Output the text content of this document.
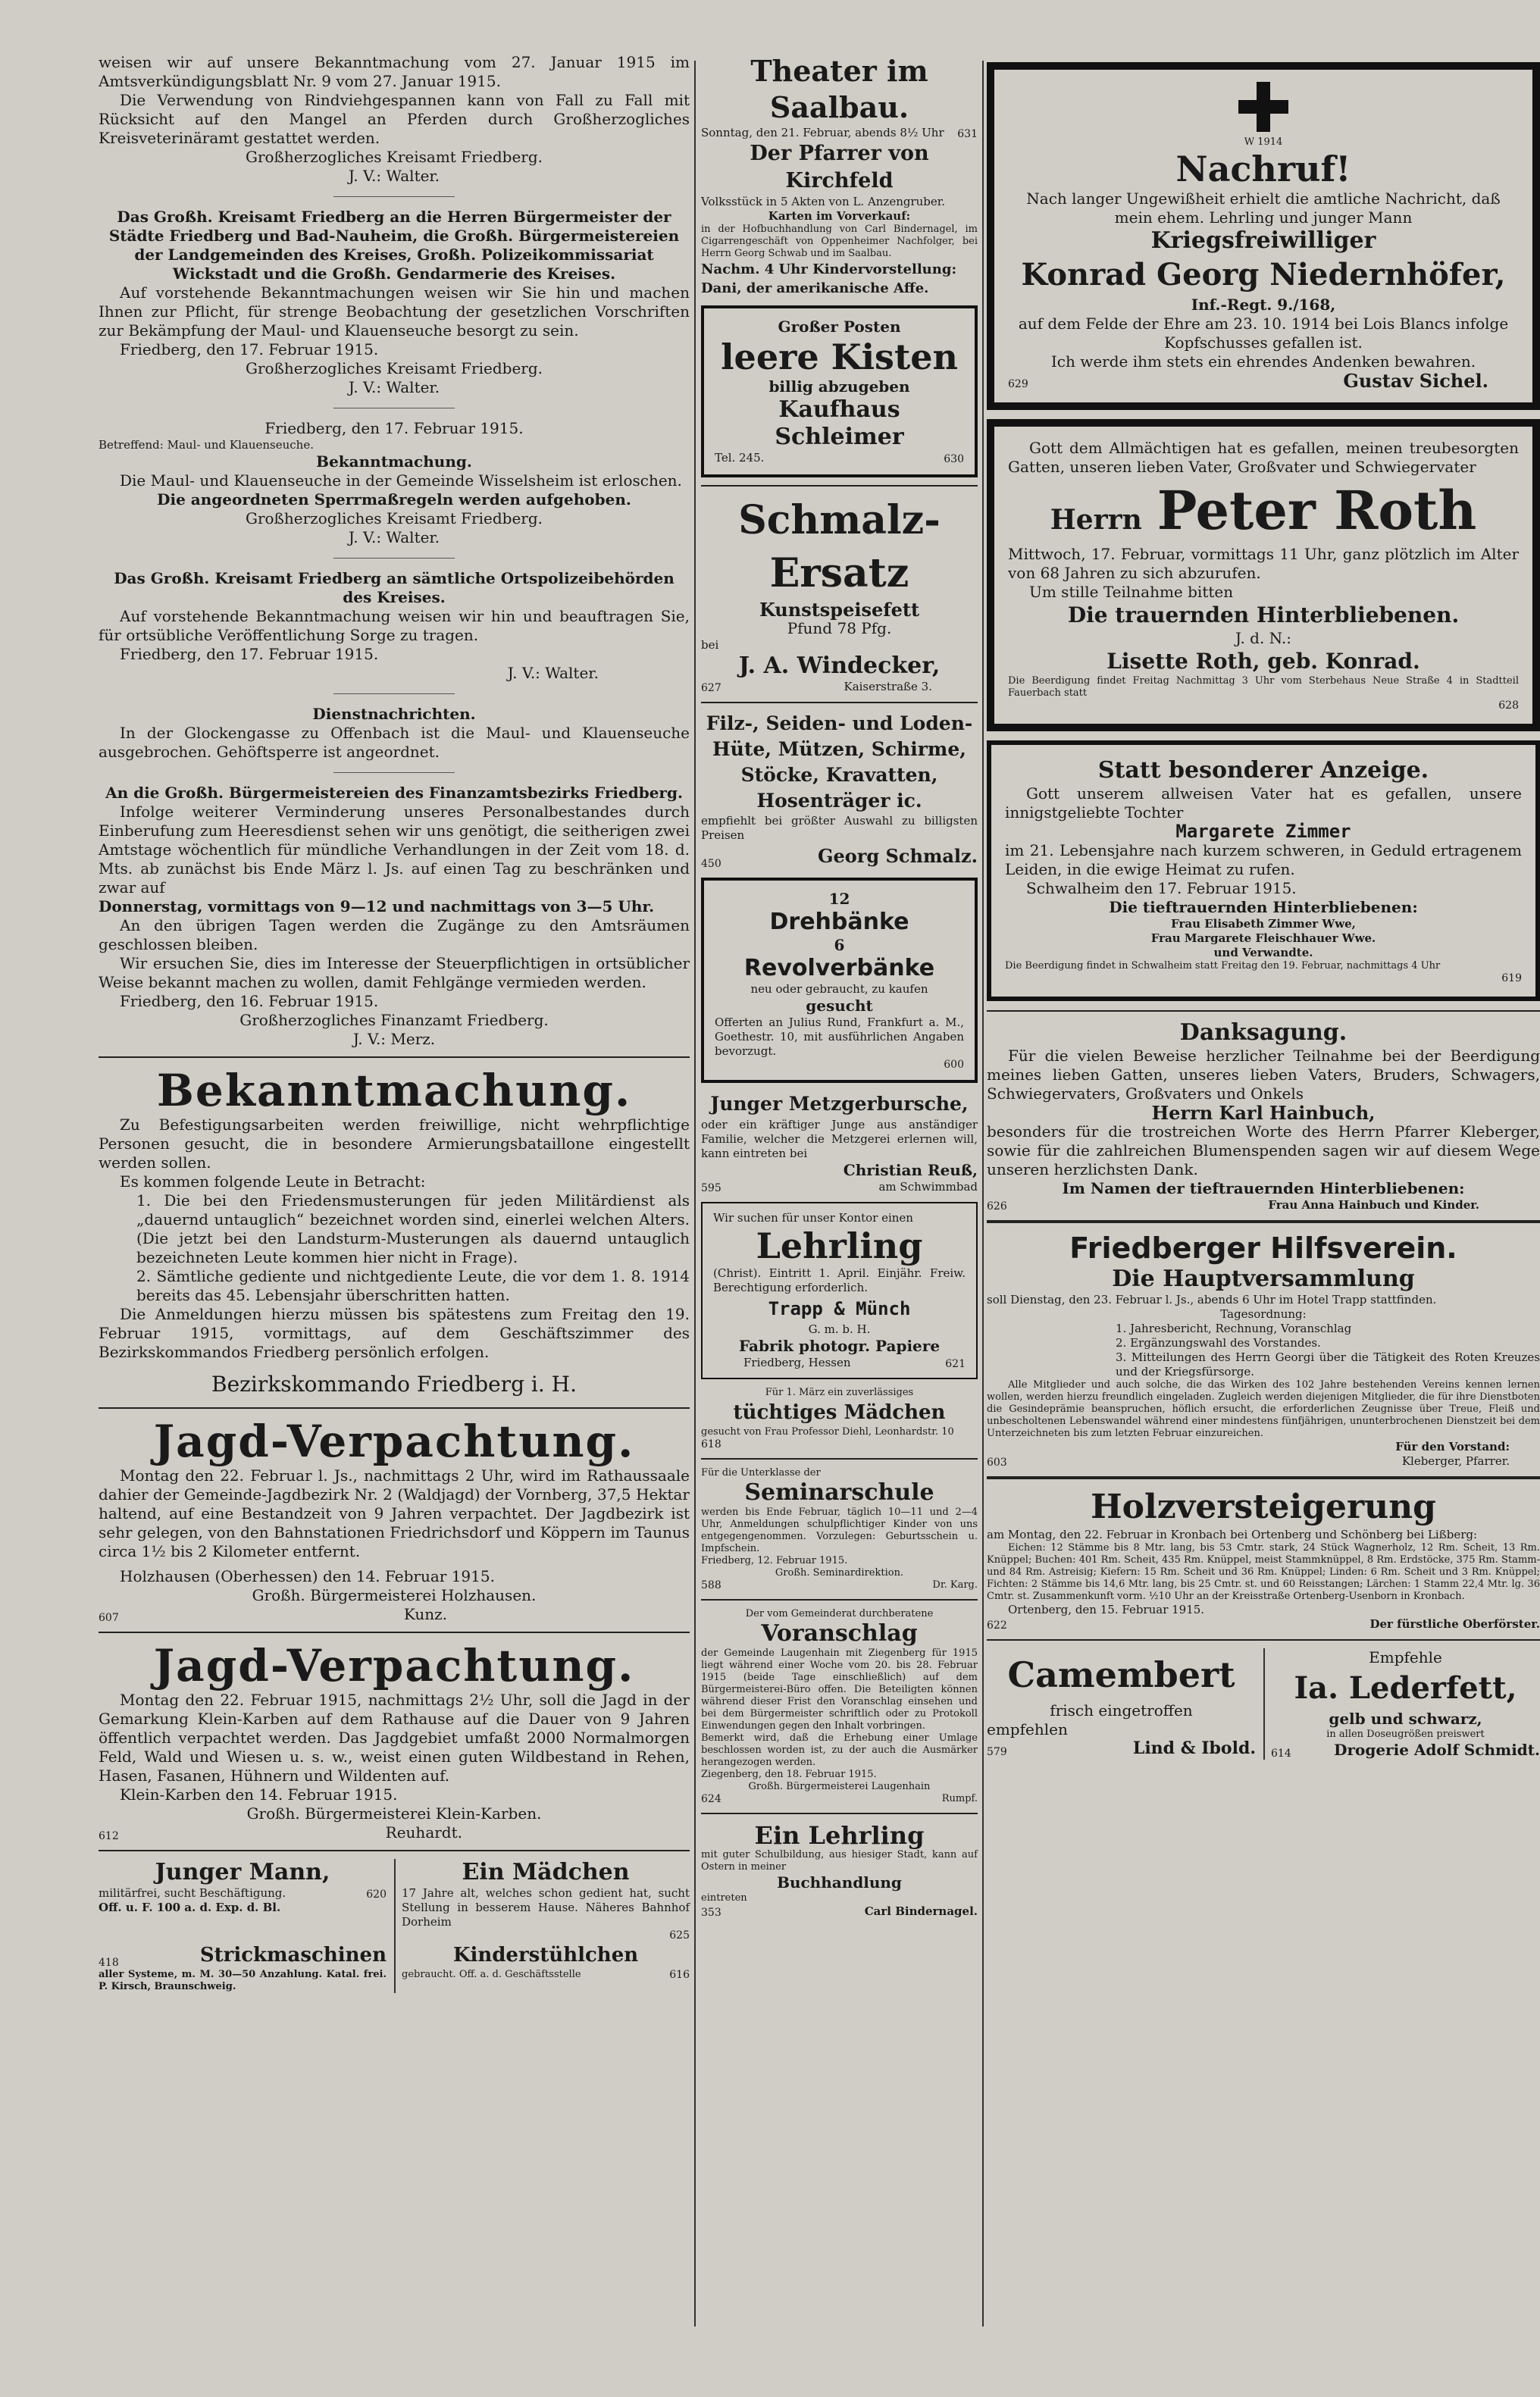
weisen wir auf unsere Bekanntmachung vom 27. Januar 1915 im Amtsverkündigungsblatt Nr. 9 vom 27. Januar 1915.

Die Verwendung von Rindviehgespannen kann von Fall zu Fall mit Rücksicht auf den Mangel an Pferden durch Großherzogliches Kreisveterinäramt gestattet werden.

Großherzogliches Kreisamt Friedberg.

J. V.: Walter.

Das Großh. Kreisamt Friedberg an die Herren Bürgermeister der Städte Friedberg und Bad-Nauheim, die Großh. Bürgermeistereien der Landgemeinden des Kreises, Großh. Polizeikommissariat Wickstadt und die Großh. Gendarmerie des Kreises.

Auf vorstehende Bekanntmachungen weisen wir Sie hin und machen Ihnen zur Pflicht, für strenge Beobachtung der gesetzlichen Vorschriften zur Bekämpfung der Maul- und Klauenseuche besorgt zu sein.

Friedberg, den 17. Februar 1915.

Großherzogliches Kreisamt Friedberg.

J. V.: Walter.

Friedberg, den 17. Februar 1915.

Betreffend: Maul- und Klauenseuche.

Bekanntmachung.

Die Maul- und Klauenseuche in der Gemeinde Wisselsheim ist erloschen.

Die angeordneten Sperrmaßregeln werden aufgehoben.

Großherzogliches Kreisamt Friedberg.

J. V.: Walter.

Das Großh. Kreisamt Friedberg an sämtliche Ortspolizeibehörden des Kreises.

Auf vorstehende Bekanntmachung weisen wir hin und beauftragen Sie, für ortsübliche Veröffentlichung Sorge zu tragen.

Friedberg, den 17. Februar 1915.

J. V.: Walter.

Dienstnachrichten.

In der Glockengasse zu Offenbach ist die Maul- und Klauenseuche ausgebrochen. Gehöftsperre ist angeordnet.

An die Großh. Bürgermeistereien des Finanzamtsbezirks Friedberg.

Infolge weiterer Verminderung unseres Personalbestandes durch Einberufung zum Heeresdienst sehen wir uns genötigt, die seitherigen zwei Amtstage wöchentlich für mündliche Verhandlungen in der Zeit vom 18. d. Mts. ab zunächst bis Ende März l. Js. auf einen Tag zu beschränken und zwar auf

Donnerstag, vormittags von 9—12 und nachmittags von 3—5 Uhr.

An den übrigen Tagen werden die Zugänge zu den Amtsräumen geschlossen bleiben.

Wir ersuchen Sie, dies im Interesse der Steuerpflichtigen in ortsüblicher Weise bekannt machen zu wollen, damit Fehlgänge vermieden werden.

Friedberg, den 16. Februar 1915.

Großherzogliches Finanzamt Friedberg.

J. V.: Merz.

Bekanntmachung.

Zu Befestigungsarbeiten werden freiwillige, nicht wehrpflichtige Personen gesucht, die in besondere Armierungsbataillone eingestellt werden sollen.

Es kommen folgende Leute in Betracht:

1. Die bei den Friedensmusterungen für jeden Militärdienst als „dauernd untauglich“ bezeichnet worden sind, einerlei welchen Alters. (Die jetzt bei den Landsturm-Musterungen als dauernd untauglich bezeichneten Leute kommen hier nicht in Frage).

2. Sämtliche gediente und nichtgediente Leute, die vor dem 1. 8. 1914 bereits das 45. Lebensjahr überschritten hatten.

Die Anmeldungen hierzu müssen bis spätestens zum Freitag den 19. Februar 1915, vormittags, auf dem Geschäftszimmer des Bezirkskommandos Friedberg persönlich erfolgen.

Bezirkskommando Friedberg i. H.

Jagd-Verpachtung.

Montag den 22. Februar l. Js., nachmittags 2 Uhr, wird im Rathaussaale dahier der Gemeinde-Jagdbezirk Nr. 2 (Waldjagd) der Vornberg, 37,5 Hektar haltend, auf eine Bestandzeit von 9 Jahren verpachtet. Der Jagdbezirk ist sehr gelegen, von den Bahnstationen Friedrichsdorf und Köppern im Taunus circa 1½ bis 2 Kilometer entfernt.

Holzhausen (Oberhessen) den 14. Februar 1915.

Großh. Bürgermeisterei Holzhausen.

607	Kunz.
Jagd-Verpachtung.

Montag den 22. Februar 1915, nachmittags 2½ Uhr, soll die Jagd in der Gemarkung Klein-Karben auf dem Rathause auf die Dauer von 9 Jahren öffentlich verpachtet werden. Das Jagdgebiet umfaßt 2000 Normalmorgen Feld, Wald und Wiesen u. s. w., weist einen guten Wildbestand in Rehen, Hasen, Fasanen, Hühnern und Wildenten auf.

Klein-Karben den 14. Februar 1915.

Großh. Bürgermeisterei Klein-Karben.

612	Reuhardt.
Junger Mann,
militärfrei, sucht Beschäftigung.	620

Off. u. F. 100 a. d. Exp. d. Bl.

Ein Mädchen

17 Jahre alt, welches schon gedient hat, sucht Stellung in besserem Hause. Näheres Bahnhof Dorheim

625

418	Strickmaschinen

aller Systeme, m. M. 30—50 Anzahlung. Katal. frei. P. Kirsch, Braunschweig.

Kinderstühlchen
gebraucht. Off. a. d. Geschäftsstelle	616
Theater im Saalbau.
Sonntag, den 21. Februar, abends 8½ Uhr 631
Der Pfarrer von Kirchfeld

Volksstück in 5 Akten von L. Anzengruber.

Karten im Vorverkauf:

in der Hofbuchhandlung von Carl Bindernagel, im Cigarrengeschäft von Oppenheimer Nachfolger, bei Herrn Georg Schwab und im Saalbau.

Nachm. 4 Uhr Kindervorstellung:

Dani, der amerikanische Affe.

Großer Posten

leere Kisten

billig abzugeben

Kaufhaus Schleimer
Tel. 245.	630
Schmalz-Ersatz

Kunstspeisefett

Pfund 78 Pfg.

bei

J. A. Windecker,
627	Kaiserstraße 3.
Filz-, Seiden- und Loden-Hüte, Mützen, Schirme, Stöcke, Kravatten, Hosenträger ic.

empfiehlt bei größter Auswahl zu billigsten Preisen

450	Georg Schmalz.

12

Drehbänke

6

Revolverbänke

neu oder gebraucht, zu kaufen

gesucht

Offerten an Julius Rund, Frankfurt a. M., Goethestr. 10, mit ausführlichen Angaben bevorzugt.

600

Junger Metzgerbursche,

oder ein kräftiger Junge aus anständiger Familie, welcher die Metzgerei erlernen will, kann eintreten bei

Christian Reuß,

595	am Schwimmbad

Wir suchen für unser Kontor einen

Lehrling

(Christ). Eintritt 1. April. Einjähr. Freiw. Berechtigung erforderlich.

Trapp & Münch

G. m. b. H.

Fabrik photogr. Papiere

Friedberg, Hessen	621

Für 1. März ein zuverlässiges

tüchtiges Mädchen

gesucht von Frau Professor Diehl, Leonhardstr. 10

618

Für die Unterklasse der

Seminarschule

werden bis Ende Februar, täglich 10—11 und 2—4 Uhr, Anmeldungen schulpflichtiger Kinder von uns entgegengenommen. Vorzulegen: Geburtsschein u. Impfschein.

Friedberg, 12. Februar 1915.

Großh. Seminardirektion.

588	Dr. Karg.

Der vom Gemeinderat durchberatene

Voranschlag

der Gemeinde Laugenhain mit Ziegenberg für 1915 liegt während einer Woche vom 20. bis 28. Februar 1915 (beide Tage einschließlich) auf dem Bürgermeisterei-Büro offen. Die Beteiligten können während dieser Frist den Voranschlag einsehen und bei dem Bürgermeister schriftlich oder zu Protokoll Einwendungen gegen den Inhalt vorbringen.

Bemerkt wird, daß die Erhebung einer Umlage beschlossen worden ist, zu der auch die Ausmärker herangezogen werden.

Ziegenberg, den 18. Februar 1915.

Großh. Bürgermeisterei Laugenhain

624	Rumpf.
Ein Lehrling

mit guter Schulbildung, aus hiesiger Stadt, kann auf Ostern in meiner

Buchhandlung

eintreten

353	Carl Bindernagel.

W 1914

Nachruf!

Nach langer Ungewißheit erhielt die amtliche Nachricht, daß mein ehem. Lehrling und junger Mann

Kriegsfreiwilliger
Konrad Georg Niedernhöfer,

Inf.-Regt. 9./168,

auf dem Felde der Ehre am 23. 10. 1914 bei Lois Blancs infolge Kopfschusses gefallen ist.

Ich werde ihm stets ein ehrendes Andenken bewahren.

629	Gustav Sichel.

Gott dem Allmächtigen hat es gefallen, meinen treubesorgten Gatten, unseren lieben Vater, Großvater und Schwiegervater

Herrn Peter Roth

Mittwoch, 17. Februar, vormittags 11 Uhr, ganz plötzlich im Alter von 68 Jahren zu sich abzurufen.

Um stille Teilnahme bitten

Die trauernden Hinterbliebenen.

J. d. N.:

Lisette Roth, geb. Konrad.

Die Beerdigung findet Freitag Nachmittag 3 Uhr vom Sterbehaus Neue Straße 4 in Stadtteil Fauerbach statt

628

Statt besonderer Anzeige.

Gott unserem allweisen Vater hat es gefallen, unsere innigstgeliebte Tochter

Margarete Zimmer

im 21. Lebensjahre nach kurzem schweren, in Geduld ertragenem Leiden, in die ewige Heimat zu rufen.

Schwalheim den 17. Februar 1915.

Die tieftrauernden Hinterbliebenen:

Frau Elisabeth Zimmer Wwe,

Frau Margarete Fleischhauer Wwe.

und Verwandte.

Die Beerdigung findet in Schwalheim statt Freitag den 19. Februar, nachmittags 4 Uhr

619

Danksagung.

Für die vielen Beweise herzlicher Teilnahme bei der Beerdigung meines lieben Gatten, unseres lieben Vaters, Bruders, Schwagers, Schwiegervaters, Großvaters und Onkels

Herrn Karl Hainbuch,

besonders für die trostreichen Worte des Herrn Pfarrer Kleberger, sowie für die zahlreichen Blumenspenden sagen wir auf diesem Wege unseren herzlichsten Dank.

Im Namen der tieftrauernden Hinterbliebenen:

626	Frau Anna Hainbuch und Kinder.
Friedberger Hilfsverein.
Die Hauptversammlung

soll Dienstag, den 23. Februar l. Js., abends 6 Uhr im Hotel Trapp stattfinden.

Tagesordnung:

1. Jahresbericht, Rechnung, Voranschlag

2. Ergänzungswahl des Vorstandes.

3. Mitteilungen des Herrn Georgi über die Tätigkeit des Roten Kreuzes und der Kriegsfürsorge.

Alle Mitglieder und auch solche, die das Wirken des 102 Jahre bestehenden Vereins kennen lernen wollen, werden hierzu freundlich eingeladen. Zugleich werden diejenigen Mitglieder, die für ihre Dienstboten die Gesindeprämie beanspruchen, höflich ersucht, die erforderlichen Zeugnisse über Treue, Fleiß und unbescholtenen Lebenswandel während einer mindestens fünfjährigen, ununterbrochenen Dienstzeit bei dem Unterzeichneten bis zum letzten Februar einzureichen.

Für den Vorstand:

603	Kleberger, Pfarrer.
Holzversteigerung

am Montag, den 22. Februar in Kronbach bei Ortenberg und Schönberg bei Lißberg:

Eichen: 12 Stämme bis 8 Mtr. lang, bis 53 Cmtr. stark, 24 Stück Wagnerholz, 12 Rm. Scheit, 13 Rm. Knüppel; Buchen: 401 Rm. Scheit, 435 Rm. Knüppel, meist Stammknüppel, 8 Rm. Erdstöcke, 375 Rm. Stamm- und 84 Rm. Astreisig; Kiefern: 15 Rm. Scheit und 36 Rm. Knüppel; Linden: 6 Rm. Scheit und 3 Rm. Knüppel; Fichten: 2 Stämme bis 14,6 Mtr. lang, bis 25 Cmtr. st. und 60 Reisstangen; Lärchen: 1 Stamm 22,4 Mtr. lg. 36 Cmtr. st. Zusammenkunft vorm. ½10 Uhr an der Kreisstraße Ortenberg-Usenborn in Kronbach.

Ortenberg, den 15. Februar 1915.

622	Der fürstliche Oberförster.
Camembert

frisch eingetroffen

empfehlen

579	Lind & Ibold.

Empfehle

Ia. Lederfett,

gelb und schwarz,

in allen Doseugrößen preiswert

614	Drogerie Adolf Schmidt.
